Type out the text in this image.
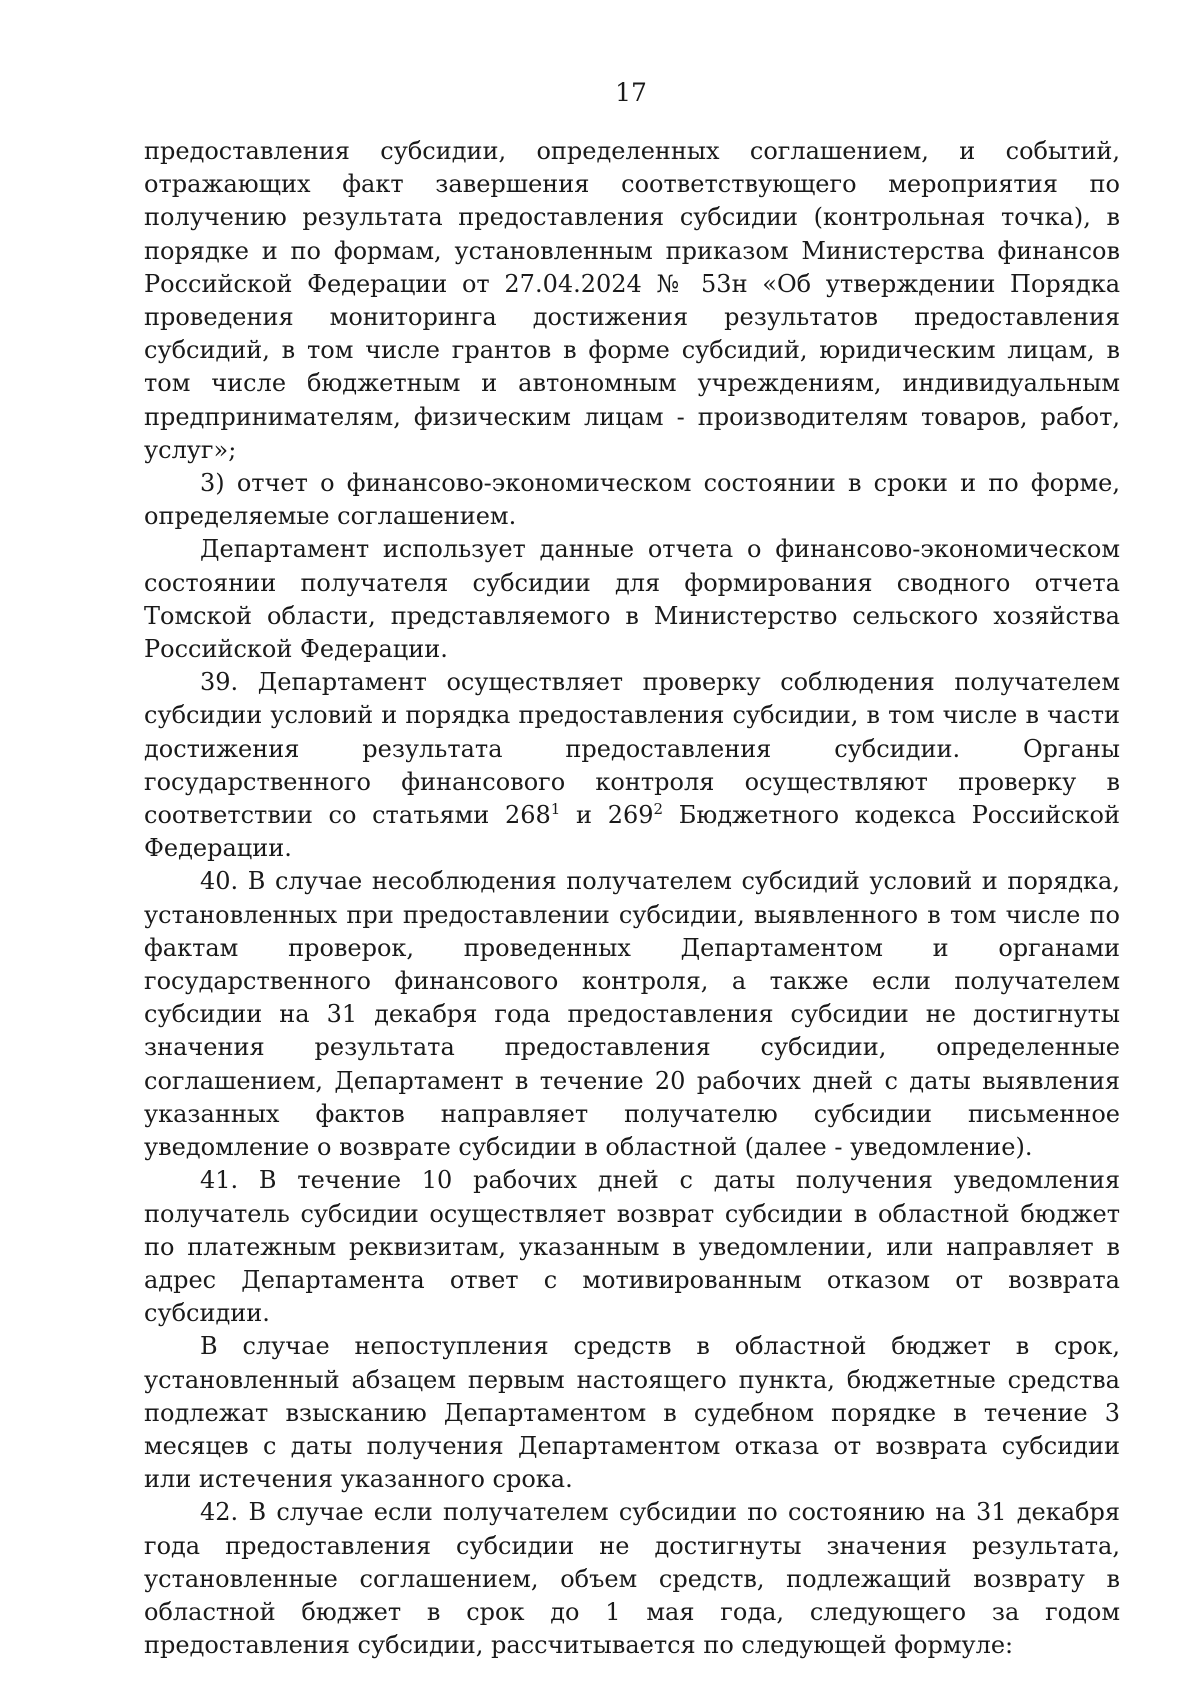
17

предоставления субсидии, определенных соглашением, и событий, отражающих факт завершения соответствующего мероприятия по получению результата предоставления субсидии (контрольная точка), в порядке и по формам, установленным приказом Министерства финансов Российской Федерации от 27.04.2024 № 53н «Об утверждении Порядка проведения мониторинга достижения результатов предоставления субсидий, в том числе грантов в форме субсидий, юридическим лицам, в том числе бюджетным и автономным учреждениям, индивидуальным предпринимателям, физическим лицам - производителям товаров, работ, услуг»;

3) отчет о финансово-экономическом состоянии в сроки и по форме, определяемые соглашением.

Департамент использует данные отчета о финансово-экономическом состоянии получателя субсидии для формирования сводного отчета Томской области, представляемого в Министерство сельского хозяйства Российской Федерации.

39. Департамент осуществляет проверку соблюдения получателем субсидии условий и порядка предоставления субсидии, в том числе в части достижения результата предоставления субсидии. Органы государственного финансового контроля осуществляют проверку в соответствии со статьями $268^1$ и $269^2$ Бюджетного кодекса Российской Федерации.

40. В случае несоблюдения получателем субсидий условий и порядка, установленных при предоставлении субсидии, выявленного в том числе по фактам проверок, проведенных Департаментом и органами государственного финансового контроля, а также если получателем субсидии на 31 декабря года предоставления субсидии не достигнуты значения результата предоставления субсидии, определенные соглашением, Департамент в течение 20 рабочих дней с даты выявления указанных фактов направляет получателю субсидии письменное уведомление о возврате субсидии в областной (далее - уведомление).

41. В течение 10 рабочих дней с даты получения уведомления получатель субсидии осуществляет возврат субсидии в областной бюджет по платежным реквизитам, указанным в уведомлении, или направляет в адрес Департамента ответ с мотивированным отказом от возврата субсидии.

В случае непоступления средств в областной бюджет в срок, установленный абзацем первым настоящего пункта, бюджетные средства подлежат взысканию Департаментом в судебном порядке в течение 3 месяцев с даты получения Департаментом отказа от возврата субсидии или истечения указанного срока.

42. В случае если получателем субсидии по состоянию на 31 декабря года предоставления субсидии не достигнуты значения результата, установленные соглашением, объем средств, подлежащий возврату в областной бюджет в срок до 1 мая года, следующего за годом предоставления субсидии, рассчитывается по следующей формуле:
